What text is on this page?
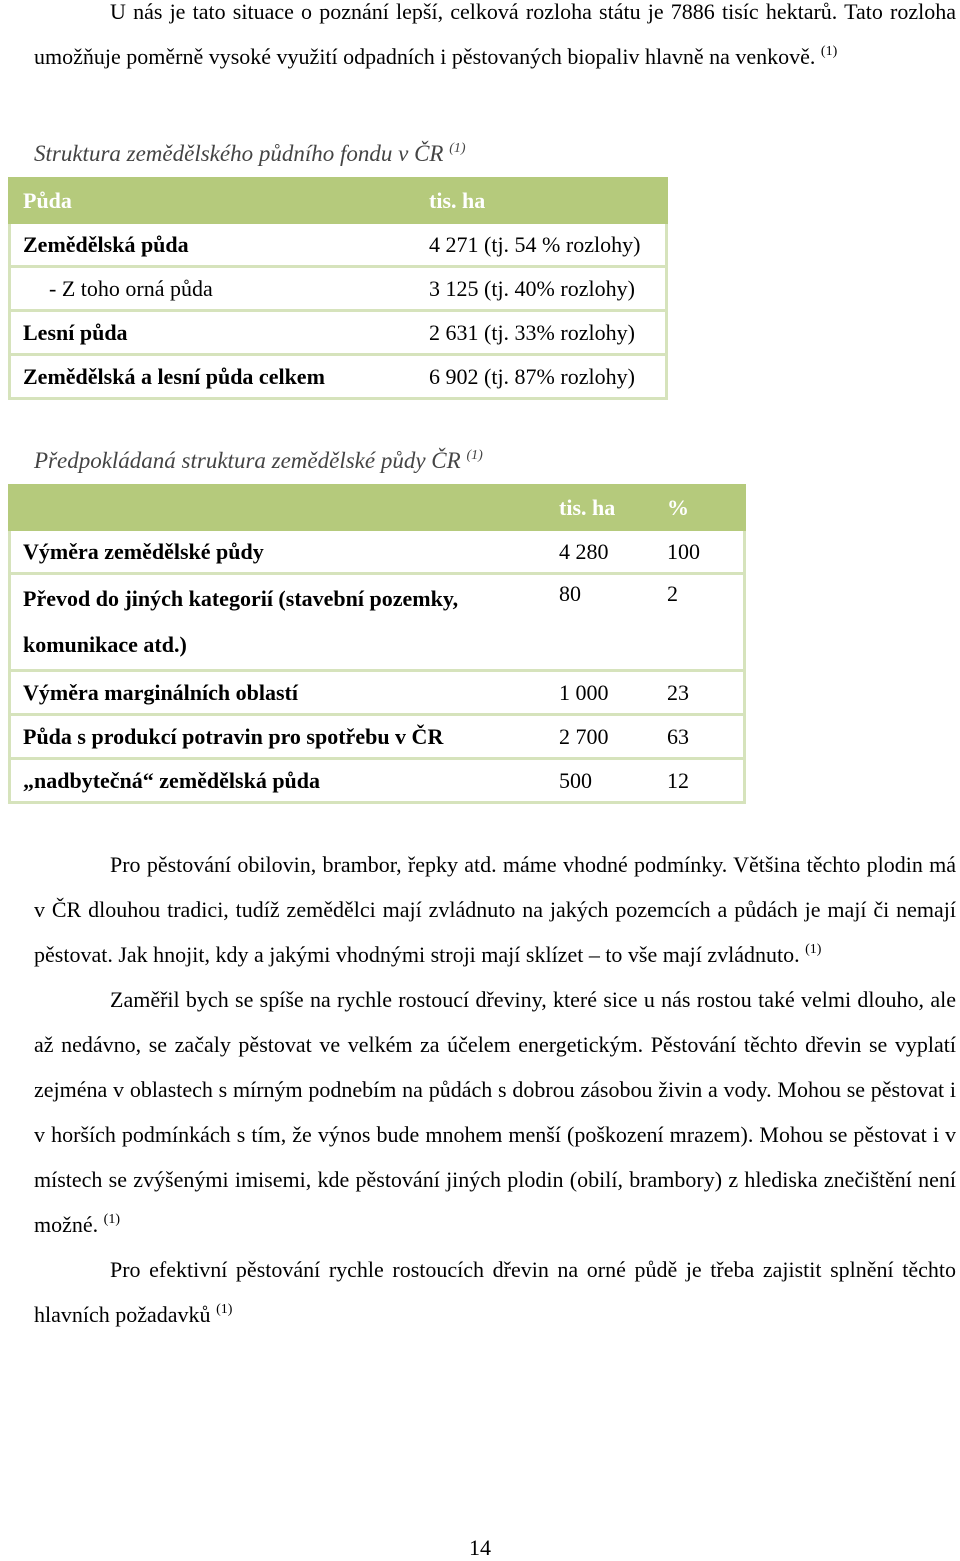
U nás je tato situace o poznání lepší, celková rozloha státu je 7886 tisíc hektarů. Tato rozloha umožňuje poměrně vysoké využití odpadních i pěstovaných biopaliv hlavně na venkově. $^{(1)}$

Struktura zemědělského půdního fondu v ČR $^{(1)}$

Půda	tis. ha
Zemědělská půda	4 271 (tj. 54 % rozlohy)
- Z toho orná půda	3 125 (tj. 40% rozlohy)
Lesní půda	2 631 (tj. 33% rozlohy)
Zemědělská a lesní půda celkem	6 902 (tj. 87% rozlohy)

Předpokládaná struktura zemědělské půdy ČR $^{(1)}$

	tis. ha	%
Výměra zemědělské půdy	4 280	100
Převod do jiných kategorií (stavební pozemky, komunikace atd.)	80	2
Výměra marginálních oblastí	1 000	23
Půda s produkcí potravin pro spotřebu v ČR	2 700	63
„nadbytečná“ zemědělská půda	500	12

Pro pěstování obilovin, brambor, řepky atd. máme vhodné podmínky. Většina těchto plodin má v ČR dlouhou tradici, tudíž zemědělci mají zvládnuto na jakých pozemcích a půdách je mají či nemají pěstovat. Jak hnojit, kdy a jakými vhodnými stroji mají sklízet – to vše mají zvládnuto. $^{(1)}$

Zaměřil bych se spíše na rychle rostoucí dřeviny, které sice u nás rostou také velmi dlouho, ale až nedávno, se začaly pěstovat ve velkém za účelem energetickým. Pěstování těchto dřevin se vyplatí zejména v oblastech s mírným podnebím na půdách s dobrou zásobou živin a vody. Mohou se pěstovat i v horších podmínkách s tím, že výnos bude mnohem menší (poškození mrazem). Mohou se pěstovat i v místech se zvýšenými imisemi, kde pěstování jiných plodin (obilí, brambory) z hlediska znečištění není možné. $^{(1)}$

Pro efektivní pěstování rychle rostoucích dřevin na orné půdě je třeba zajistit splnění těchto hlavních požadavků $^{(1)}$

14
